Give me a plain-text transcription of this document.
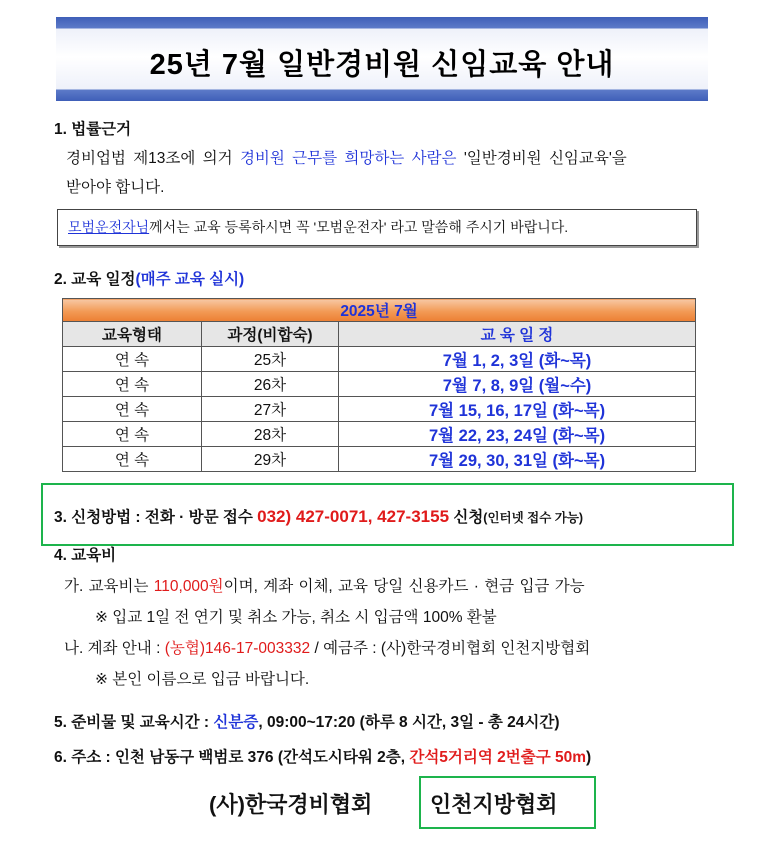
25년 7월 일반경비원 신임교육 안내
1. 법률근거
경비업법 제13조에 의거 경비원 근무를 희망하는 사람은 '일반경비원 신임교육'을
받아야 합니다.
모범운전자님께서는 교육 등록하시면 꼭 '모범운전자' 라고 말씀해 주시기 바랍니다.
2. 교육 일정(매주 교육 실시)
2025년 7월		
교육형태	과정(비합숙)	교 육 일 정
연 속	25차	7월 1, 2, 3일 (화~목)
연 속	26차	7월 7, 8, 9일 (월~수)
연 속	27차	7월 15, 16, 17일 (화~목)
연 속	28차	7월 22, 23, 24일 (화~목)
연 속	29차	7월 29, 30, 31일 (화~목)
3. 신청방법 : 전화 · 방문 접수 032) 427-0071, 427-3155 신청(인터넷 접수 가능)
4. 교육비
가. 교육비는 110,000원이며, 계좌 이체, 교육 당일 신용카드 · 현금 입금 가능
※ 입교 1일 전 연기 및 취소 가능, 취소 시 입금액 100% 환불
나. 계좌 안내 : (농협)146-17-003332 / 예금주 : (사)한국경비협회 인천지방협회
※ 본인 이름으로 입금 바랍니다.
5. 준비물 및 교육시간 : 신분증, 09:00~17:20 (하루 8 시간, 3일 - 총 24시간)
6. 주소 : 인천 남동구 백범로 376 (간석도시타워 2층, 간석5거리역 2번출구 50m)
(사)한국경비협회	인천지방협회
